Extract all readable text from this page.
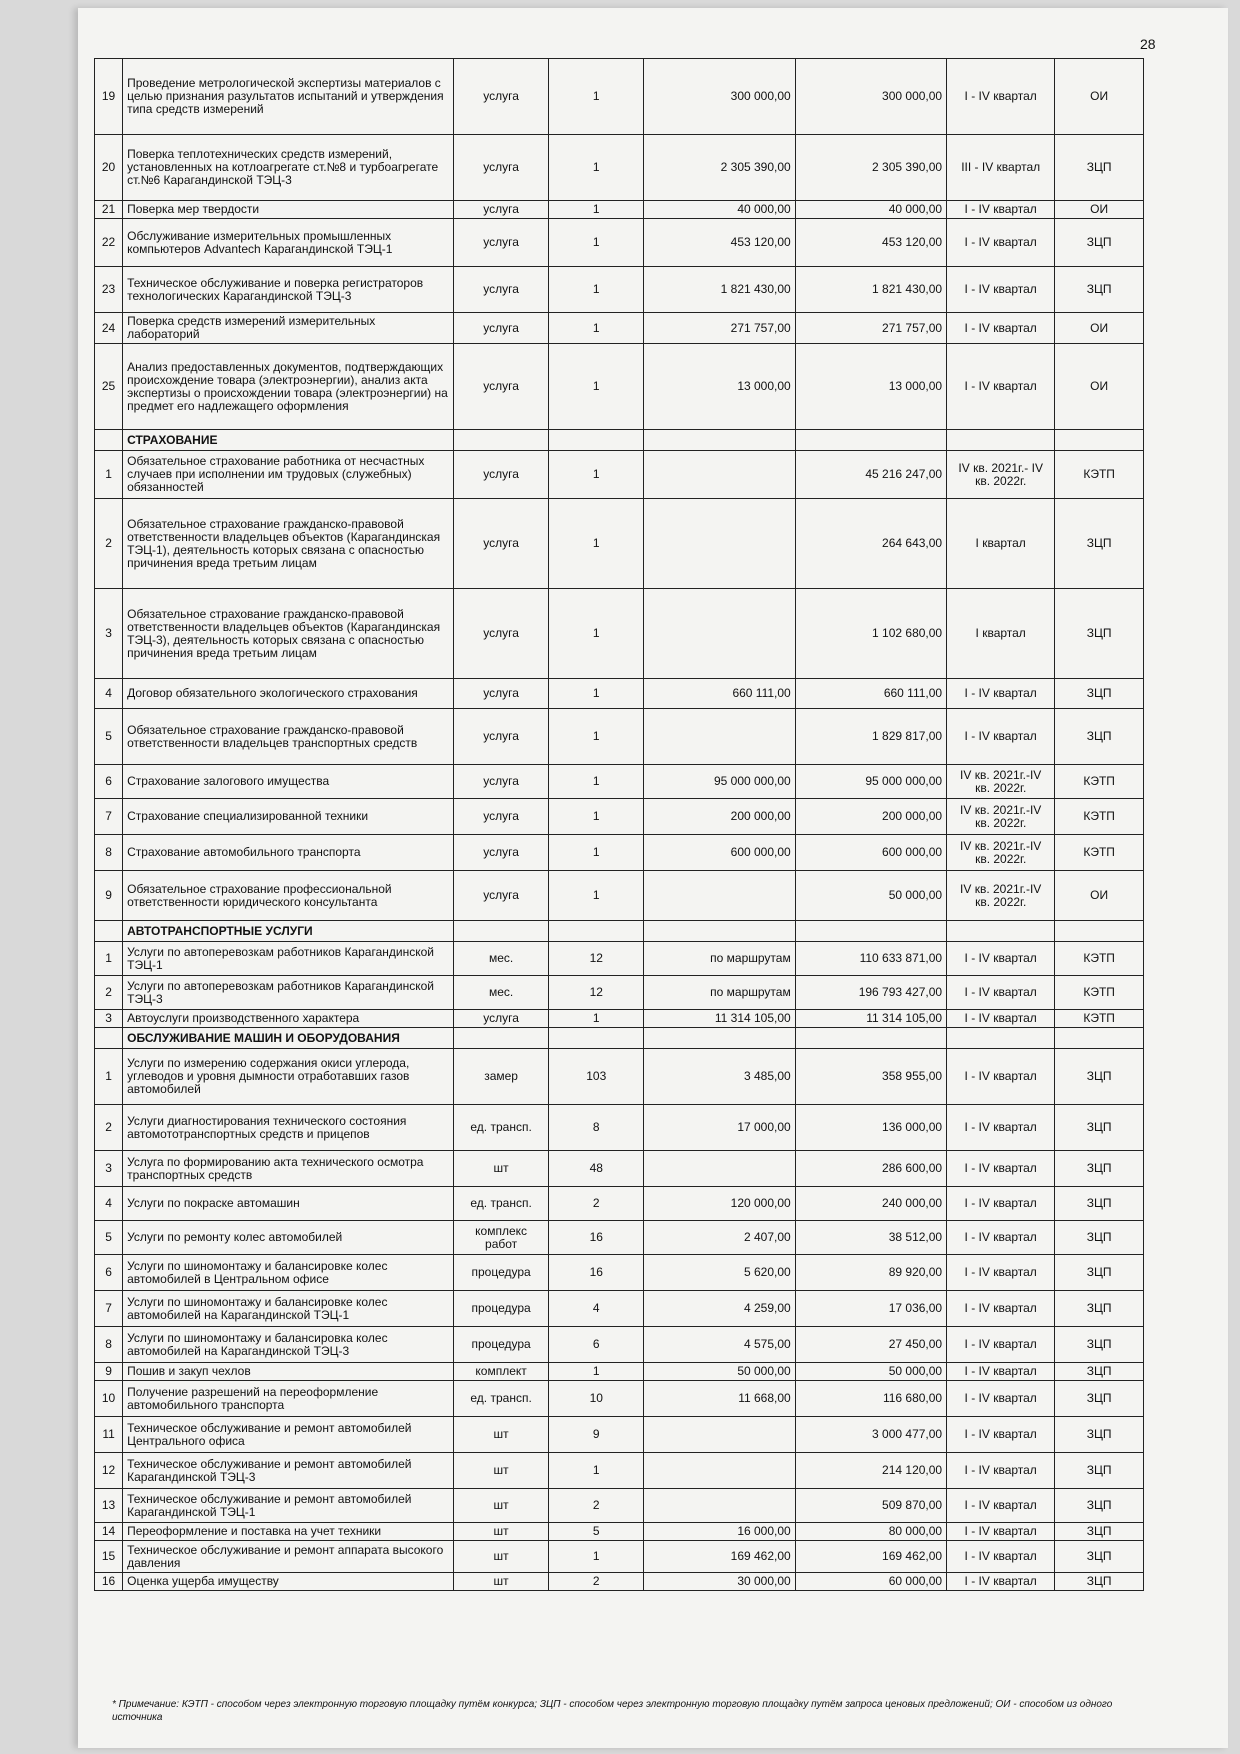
28
19	Проведение метрологической экспертизы материалов с целью признания разультатов испытаний и утверждения типа средств измерений	услуга	1	300 000,00	300 000,00	I - IV квартал	ОИ
20	Поверка теплотехнических средств измерений, установленных на котлоагрегате ст.№8 и турбоагрегате ст.№6 Карагандинской ТЭЦ-3	услуга	1	2 305 390,00	2 305 390,00	III - IV квартал	ЗЦП
21	Поверка мер твердости	услуга	1	40 000,00	40 000,00	I - IV квартал	ОИ
22	Обслуживание измерительных промышленных компьютеров Advantech Карагандинской ТЭЦ-1	услуга	1	453 120,00	453 120,00	I - IV квартал	ЗЦП
23	Техническое обслуживание и поверка регистраторов технологических Карагандинской ТЭЦ-3	услуга	1	1 821 430,00	1 821 430,00	I - IV квартал	ЗЦП
24	Поверка средств измерений измерительных лабораторий	услуга	1	271 757,00	271 757,00	I - IV квартал	ОИ
25	Анализ предоставленных документов, подтверждающих происхождение товара (электроэнергии), анализ акта экспертизы о происхождении товара (электроэнергии) на предмет его надлежащего оформления	услуга	1	13 000,00	13 000,00	I - IV квартал	ОИ
	СТРАХОВАНИЕ						
1	Обязательное страхование работника от несчастных случаев при исполнении им трудовых (служебных) обязанностей	услуга	1		45 216 247,00	IV кв. 2021г.- IV кв. 2022г.	КЭТП
2	Обязательное страхование гражданско-правовой ответственности владельцев объектов (Карагандинская ТЭЦ-1), деятельность которых связана с опасностью причинения вреда третьим лицам	услуга	1		264 643,00	I квартал	ЗЦП
3	Обязательное страхование гражданско-правовой ответственности владельцев объектов (Карагандинская ТЭЦ-3), деятельность которых связана с опасностью причинения вреда третьим лицам	услуга	1		1 102 680,00	I квартал	ЗЦП
4	Договор обязательного экологического страхования	услуга	1	660 111,00	660 111,00	I - IV квартал	ЗЦП
5	Обязательное страхование гражданско-правовой ответственности владельцев транспортных средств	услуга	1		1 829 817,00	I - IV квартал	ЗЦП
6	Страхование залогового имущества	услуга	1	95 000 000,00	95 000 000,00	IV кв. 2021г.-IV кв. 2022г.	КЭТП
7	Страхование специализированной техники	услуга	1	200 000,00	200 000,00	IV кв. 2021г.-IV кв. 2022г.	КЭТП
8	Страхование автомобильного транспорта	услуга	1	600 000,00	600 000,00	IV кв. 2021г.-IV кв. 2022г.	КЭТП
9	Обязательное страхование профессиональной ответственности юридического консультанта	услуга	1		50 000,00	IV кв. 2021г.-IV кв. 2022г.	ОИ
	АВТОТРАНСПОРТНЫЕ УСЛУГИ						
1	Услуги по автоперевозкам работников Карагандинской ТЭЦ-1	мес.	12	по маршрутам	110 633 871,00	I - IV квартал	КЭТП
2	Услуги по автоперевозкам работников Карагандинской ТЭЦ-3	мес.	12	по маршрутам	196 793 427,00	I - IV квартал	КЭТП
3	Автоуслуги производственного характера	услуга	1	11 314 105,00	11 314 105,00	I - IV квартал	КЭТП
	ОБСЛУЖИВАНИЕ МАШИН И ОБОРУДОВАНИЯ						
1	Услуги по измерению содержания окиси углерода, углеводов и уровня дымности отработавших газов автомобилей	замер	103	3 485,00	358 955,00	I - IV квартал	ЗЦП
2	Услуги диагностирования технического состояния автомототранспортных средств и прицепов	ед. трансп.	8	17 000,00	136 000,00	I - IV квартал	ЗЦП
3	Услуга по формированию акта технического осмотра транспортных средств	шт	48		286 600,00	I - IV квартал	ЗЦП
4	Услуги по покраске автомашин	ед. трансп.	2	120 000,00	240 000,00	I - IV квартал	ЗЦП
5	Услуги по ремонту колес автомобилей	комплекс работ	16	2 407,00	38 512,00	I - IV квартал	ЗЦП
6	Услуги по шиномонтажу и балансировке колес автомобилей в Центральном офисе	процедура	16	5 620,00	89 920,00	I - IV квартал	ЗЦП
7	Услуги по шиномонтажу и балансировке колес автомобилей на Карагандинской ТЭЦ-1	процедура	4	4 259,00	17 036,00	I - IV квартал	ЗЦП
8	Услуги по шиномонтажу и балансировка колес автомобилей на Карагандинской ТЭЦ-3	процедура	6	4 575,00	27 450,00	I - IV квартал	ЗЦП
9	Пошив и закуп чехлов	комплект	1	50 000,00	50 000,00	I - IV квартал	ЗЦП
10	Получение разрешений на переоформление автомобильного транспорта	ед. трансп.	10	11 668,00	116 680,00	I - IV квартал	ЗЦП
11	Техническое обслуживание и ремонт автомобилей Центрального офиса	шт	9		3 000 477,00	I - IV квартал	ЗЦП
12	Техническое обслуживание и ремонт автомобилей Карагандинской ТЭЦ-3	шт	1		214 120,00	I - IV квартал	ЗЦП
13	Техническое обслуживание и ремонт автомобилей Карагандинской ТЭЦ-1	шт	2		509 870,00	I - IV квартал	ЗЦП
14	Переоформление и поставка на учет техники	шт	5	16 000,00	80 000,00	I - IV квартал	ЗЦП
15	Техническое обслуживание и ремонт аппарата высокого давления	шт	1	169 462,00	169 462,00	I - IV квартал	ЗЦП
16	Оценка ущерба имуществу	шт	2	30 000,00	60 000,00	I - IV квартал	ЗЦП
* Примечание: КЭТП - способом через электронную торговую площадку путём конкурса; ЗЦП - способом через электронную торговую площадку путём запроса ценовых предложений; ОИ - способом из одного источника
